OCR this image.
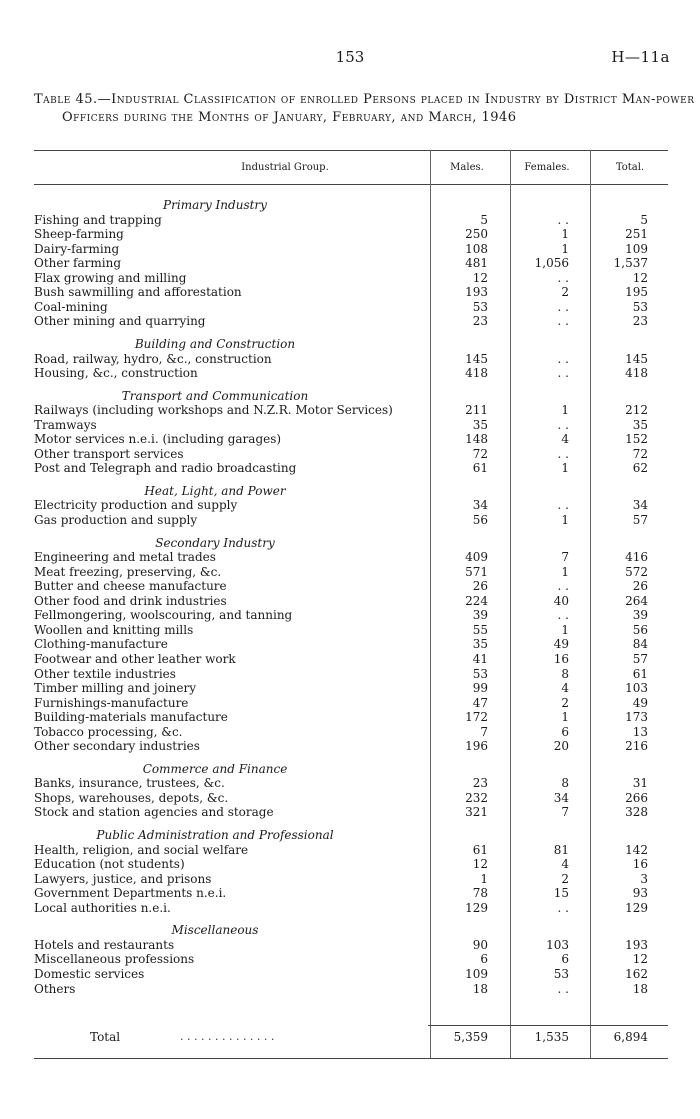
153	H—11a
Table 45.—Industrial Classification of enrolled Persons placed in Industry by District Man-power Officers during the Months of January, February, and March, 1946
Industrial Group.	Males.	Females.	Total.
Primary Industry
Fishing and trapping	5	. .	5
Sheep-farming	250	1	251
Dairy-farming	108	1	109
Other farming	481	1,056	1,537
Flax growing and milling	12	. .	12
Bush sawmilling and afforestation	193	2	195
Coal-mining	53	. .	53
Other mining and quarrying	23	. .	23
Building and Construction
Road, railway, hydro, &c., construction	145	. .	145
Housing, &c., construction	418	. .	418
Transport and Communication
Railways (including workshops and N.Z.R. Motor Services)	211	1	212
Tramways	35	. .	35
Motor services n.e.i. (including garages)	148	4	152
Other transport services	72	. .	72
Post and Telegraph and radio broadcasting	61	1	62
Heat, Light, and Power
Electricity production and supply	34	. .	34
Gas production and supply	56	1	57
Secondary Industry
Engineering and metal trades	409	7	416
Meat freezing, preserving, &c.	571	1	572
Butter and cheese manufacture	26	. .	26
Other food and drink industries	224	40	264
Fellmongering, woolscouring, and tanning	39	. .	39
Woollen and knitting mills	55	1	56
Clothing-manufacture	35	49	84
Footwear and other leather work	41	16	57
Other textile industries	53	8	61
Timber milling and joinery	99	4	103
Furnishings-manufacture	47	2	49
Building-materials manufacture	172	1	173
Tobacco processing, &c.	7	6	13
Other secondary industries	196	20	216
Commerce and Finance
Banks, insurance, trustees, &c.	23	8	31
Shops, warehouses, depots, &c.	232	34	266
Stock and station agencies and storage	321	7	328
Public Administration and Professional
Health, religion, and social welfare	61	81	142
Education (not students)	12	4	16
Lawyers, justice, and prisons	1	2	3
Government Departments n.e.i.	78	15	93
Local authorities n.e.i.	129	. .	129
Miscellaneous
Hotels and restaurants	90	103	193
Miscellaneous professions	6	6	12
Domestic services	109	53	162
Others	18	. .	18
Total	. . . . . . . . . . . . . .	5,359	1,535	6,894
